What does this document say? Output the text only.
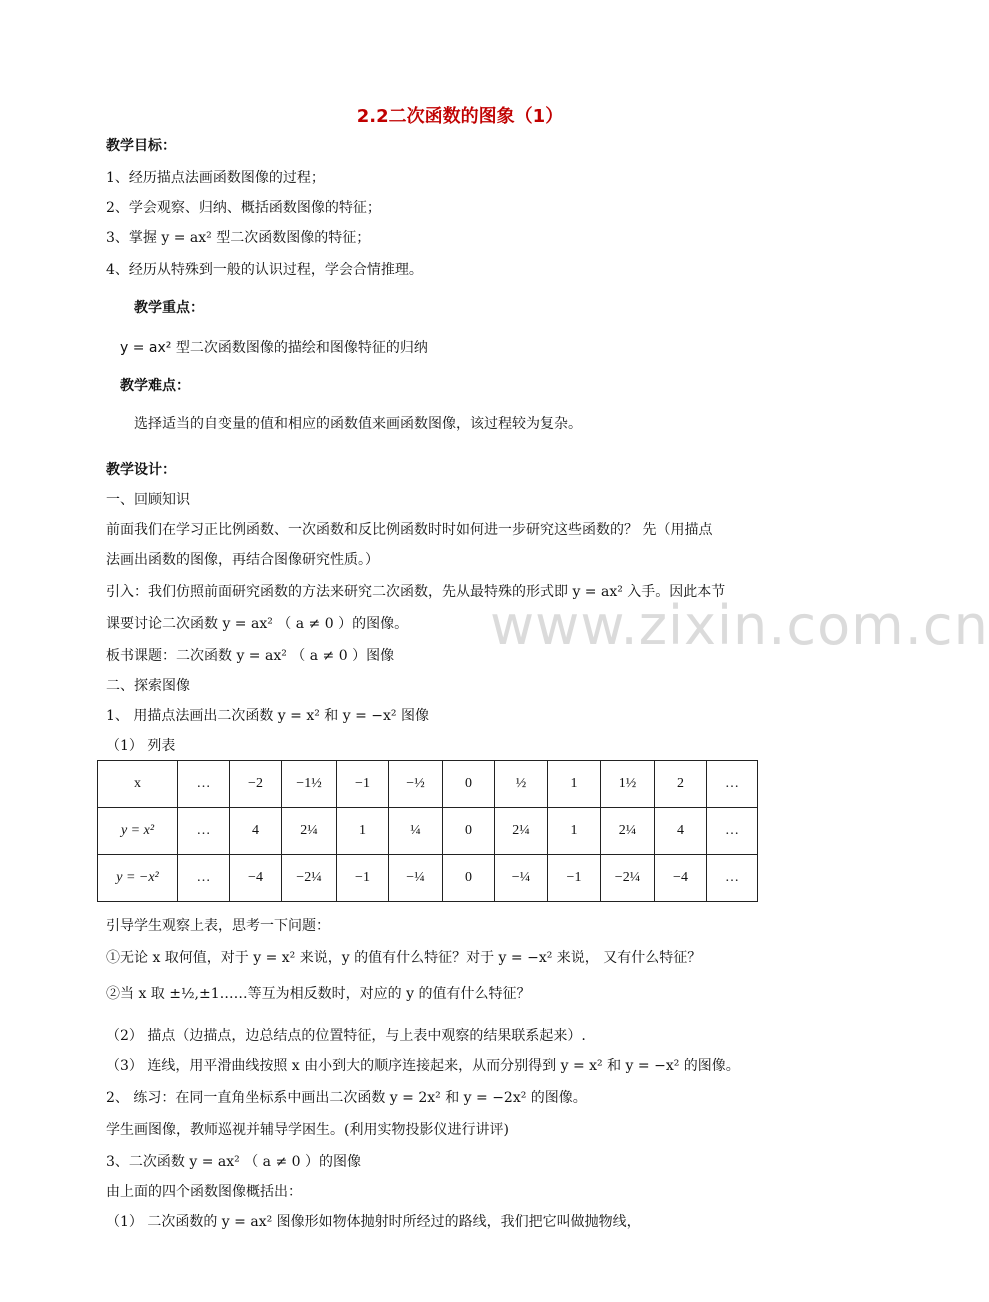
www.zixin.com.cn
2.2二次函数的图象（1）
教学目标：
1、经历描点法画函数图像的过程；
2、学会观察、归纳、概括函数图像的特征；
3、掌握 y = ax² 型二次函数图像的特征；
4、经历从特殊到一般的认识过程，学会合情推理。
教学重点：
y = ax² 型二次函数图像的描绘和图像特征的归纳
教学难点：
选择适当的自变量的值和相应的函数值来画函数图像，该过程较为复杂。
教学设计：
一、回顾知识
前面我们在学习正比例函数、一次函数和反比例函数时时如何进一步研究这些函数的？ 先（用描点
法画出函数的图像，再结合图像研究性质。）
引入：我们仿照前面研究函数的方法来研究二次函数，先从最特殊的形式即 y = ax² 入手。因此本节
课要讨论二次函数 y = ax² （ a ≠ 0 ）的图像。
板书课题：二次函数 y = ax² （ a ≠ 0 ）图像
二、探索图像
1、 用描点法画出二次函数 y = x² 和 y = −x² 图像
（1） 列表
x	…	−2	−1½	−1	−½	0	½	1	1½	2	…
y = x²	…	4	2¼	1	¼	0	2¼	1	2¼	4	…
y = −x²	…	−4	−2¼	−1	−¼	0	−¼	−1	−2¼	−4	…
引导学生观察上表，思考一下问题：
①无论 x 取何值，对于 y = x² 来说，y 的值有什么特征？对于 y = −x² 来说， 又有什么特征？
②当 x 取 ±½,±1……等互为相反数时，对应的 y 的值有什么特征？
（2） 描点（边描点，边总结点的位置特征，与上表中观察的结果联系起来）.
（3） 连线，用平滑曲线按照 x 由小到大的顺序连接起来，从而分别得到 y = x² 和 y = −x² 的图像。
2、 练习：在同一直角坐标系中画出二次函数 y = 2x² 和 y = −2x² 的图像。
学生画图像，教师巡视并辅导学困生。(利用实物投影仪进行讲评)
3、二次函数 y = ax² （ a ≠ 0 ）的图像
由上面的四个函数图像概括出：
（1） 二次函数的 y = ax² 图像形如物体抛射时所经过的路线，我们把它叫做抛物线，
